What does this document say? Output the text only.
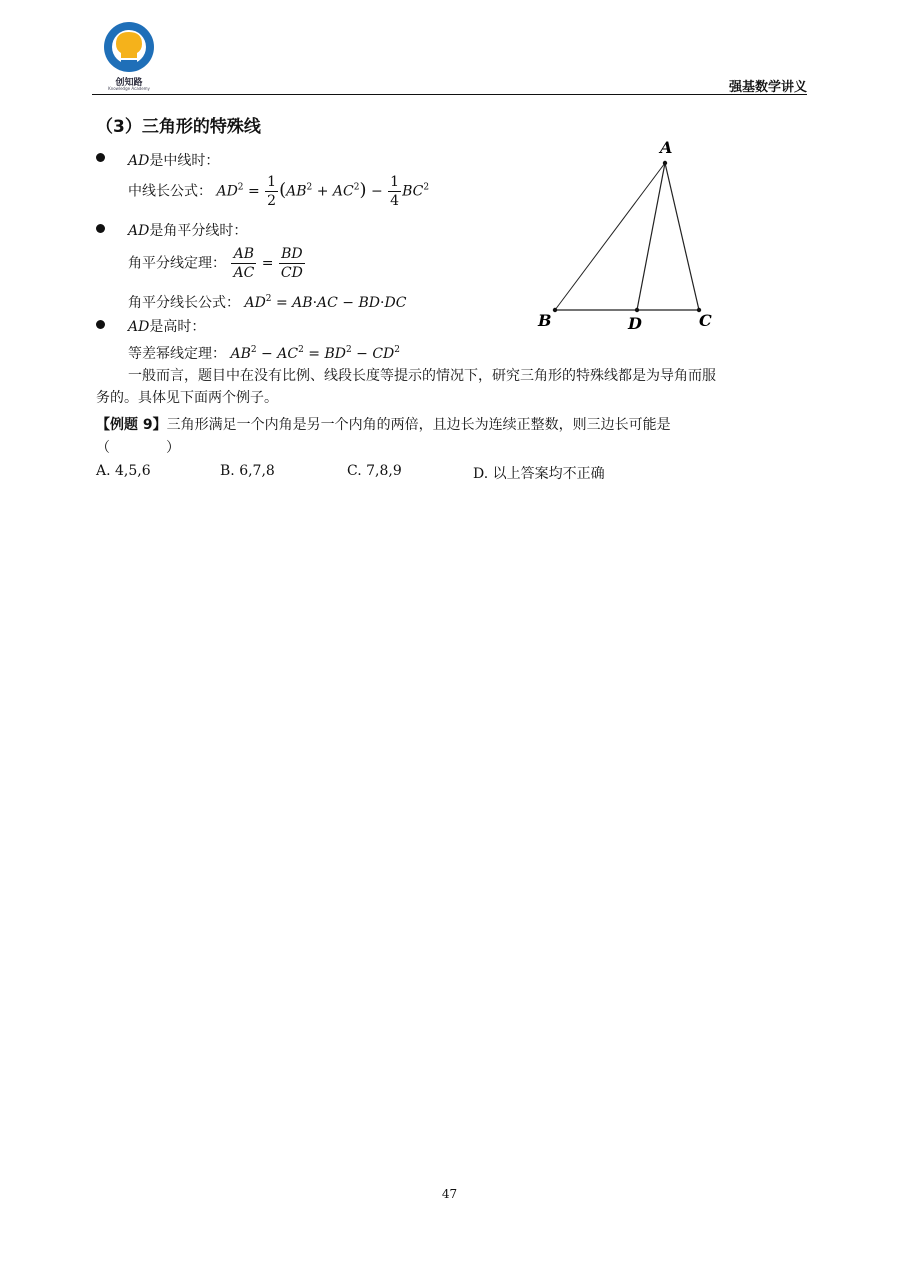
创知路
Knowledge Academy	强基数学讲义
（3）三角形的特殊线
AD是中线时：
中线长公式： $AD^2 = \frac{1}{2} (AB^2 + AC^2) - \frac{1}{4} BC^2$
AD是角平分线时：
角平分线定理： $\frac{AB}{AC} = \frac{BD}{CD}$
角平分线长公式： $AD^2 = AB\cdot AC - BD\cdot DC$
AD是高时：
等差幂线定理： $AB^2 - AC^2 = BD^2 - CD^2$
A
B	D	C
一般而言，题目中在没有比例、线段长度等提示的情况下，研究三角形的特殊线都是为导角而服
务的。具体见下面两个例子。
【例题 9】三角形满足一个内角是另一个内角的两倍，且边长为连续正整数，则三边长可能是
（　　　　）
A. 4,5,6	B. 6,7,8	C. 7,8,9	D. 以上答案均不正确
47
